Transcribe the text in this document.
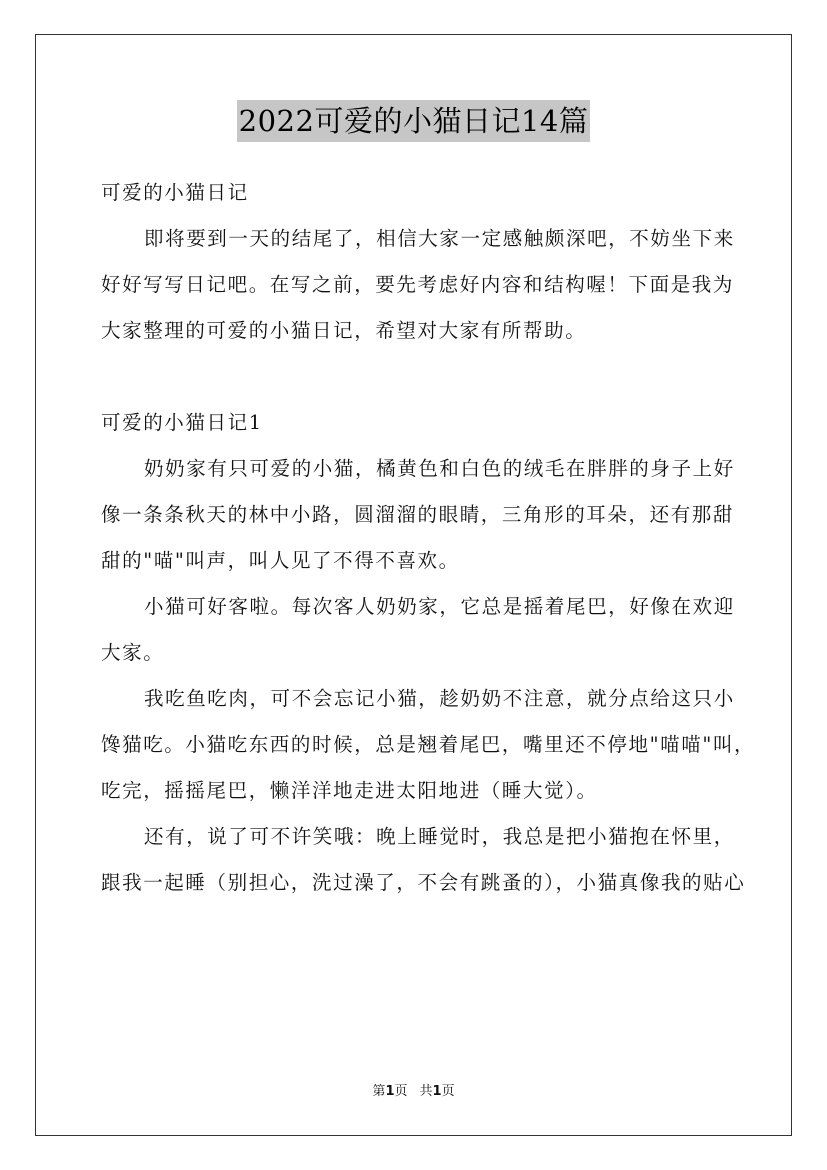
2022可爱的小猫日记14篇
可爱的小猫日记
即将要到一天的结尾了，相信大家一定感触颇深吧，不妨坐下来
好好写写日记吧。在写之前，要先考虑好内容和结构喔！下面是我为
大家整理的可爱的小猫日记，希望对大家有所帮助。
可爱的小猫日记1
奶奶家有只可爱的小猫，橘黄色和白色的绒毛在胖胖的身子上好
像一条条秋天的林中小路，圆溜溜的眼睛，三角形的耳朵，还有那甜
甜的"喵"叫声，叫人见了不得不喜欢。
小猫可好客啦。每次客人奶奶家，它总是摇着尾巴，好像在欢迎
大家。
我吃鱼吃肉，可不会忘记小猫，趁奶奶不注意，就分点给这只小
馋猫吃。小猫吃东西的时候，总是翘着尾巴，嘴里还不停地"喵喵"叫，
吃完，摇摇尾巴，懒洋洋地走进太阳地进（睡大觉）。
还有，说了可不许笑哦：晚上睡觉时，我总是把小猫抱在怀里，
跟我一起睡（别担心，洗过澡了，不会有跳蚤的），小猫真像我的贴心
第1页 共1页
